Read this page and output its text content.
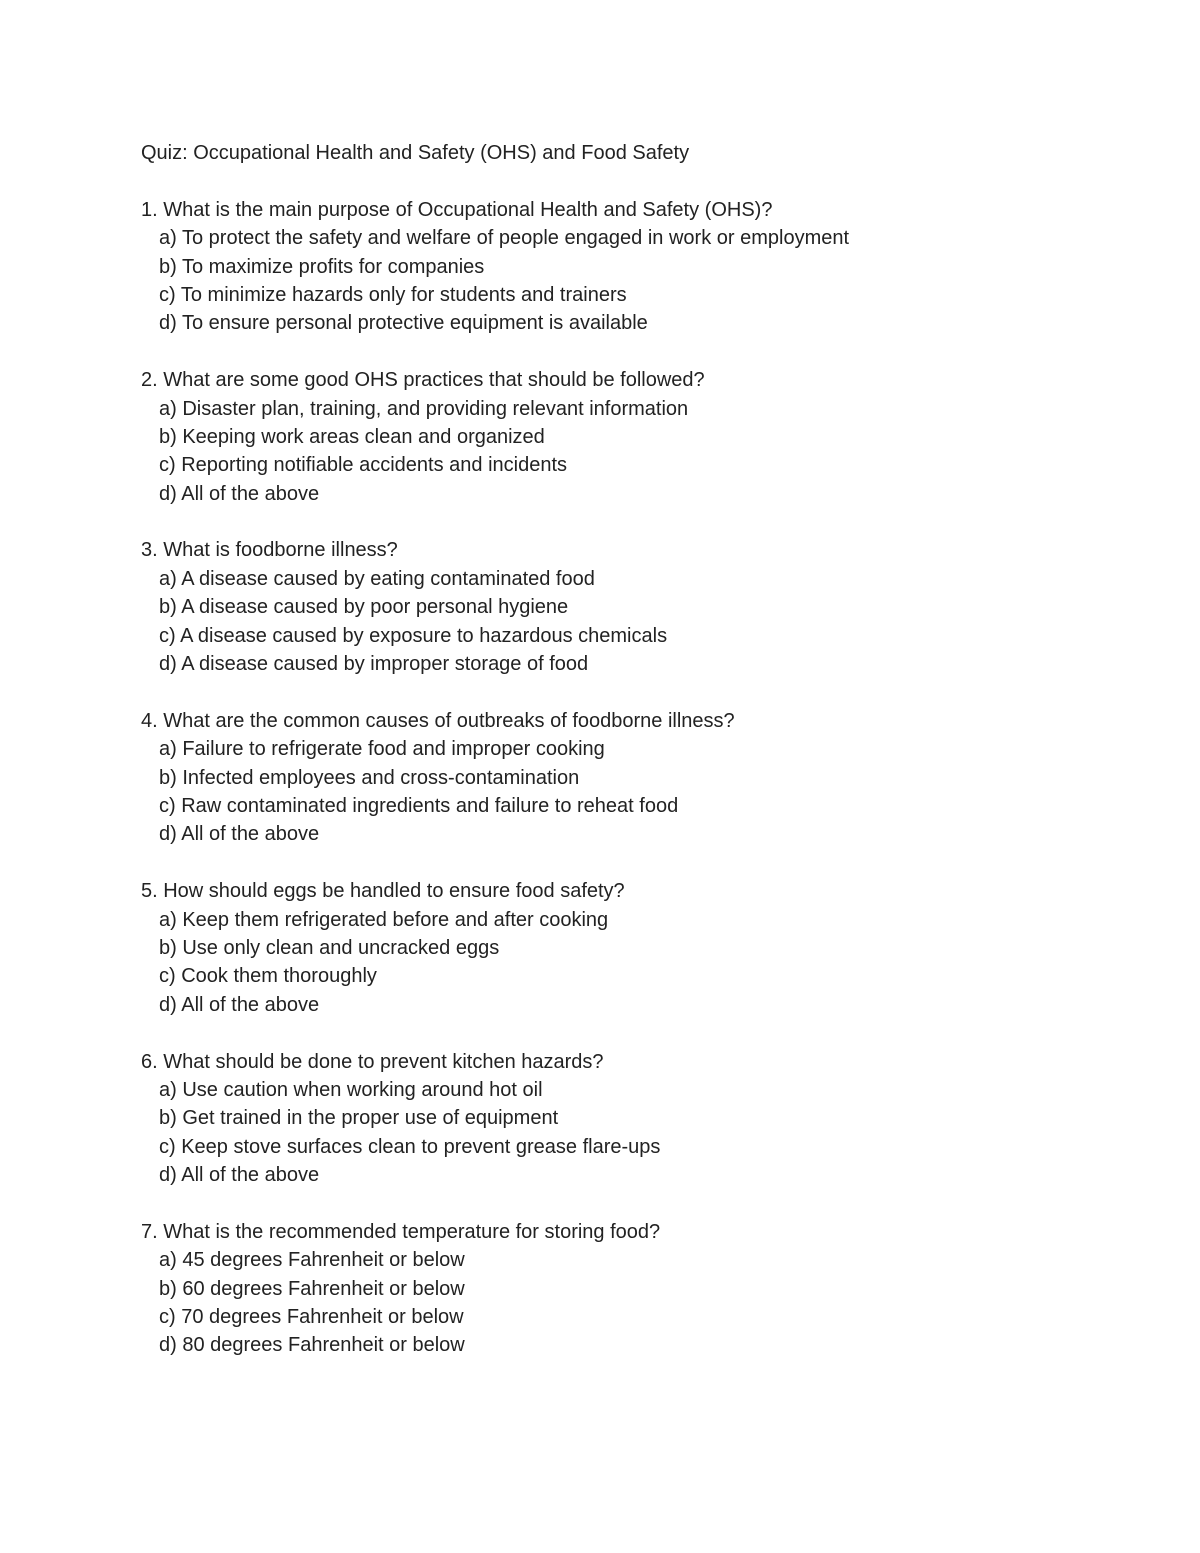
Quiz: Occupational Health and Safety (OHS) and Food Safety
1. What is the main purpose of Occupational Health and Safety (OHS)?
a) To protect the safety and welfare of people engaged in work or employment
b) To maximize profits for companies
c) To minimize hazards only for students and trainers
d) To ensure personal protective equipment is available
2. What are some good OHS practices that should be followed?
a) Disaster plan, training, and providing relevant information
b) Keeping work areas clean and organized
c) Reporting notifiable accidents and incidents
d) All of the above
3. What is foodborne illness?
a) A disease caused by eating contaminated food
b) A disease caused by poor personal hygiene
c) A disease caused by exposure to hazardous chemicals
d) A disease caused by improper storage of food
4. What are the common causes of outbreaks of foodborne illness?
a) Failure to refrigerate food and improper cooking
b) Infected employees and cross-contamination
c) Raw contaminated ingredients and failure to reheat food
d) All of the above
5. How should eggs be handled to ensure food safety?
a) Keep them refrigerated before and after cooking
b) Use only clean and uncracked eggs
c) Cook them thoroughly
d) All of the above
6. What should be done to prevent kitchen hazards?
a) Use caution when working around hot oil
b) Get trained in the proper use of equipment
c) Keep stove surfaces clean to prevent grease flare-ups
d) All of the above
7. What is the recommended temperature for storing food?
a) 45 degrees Fahrenheit or below
b) 60 degrees Fahrenheit or below
c) 70 degrees Fahrenheit or below
d) 80 degrees Fahrenheit or below
